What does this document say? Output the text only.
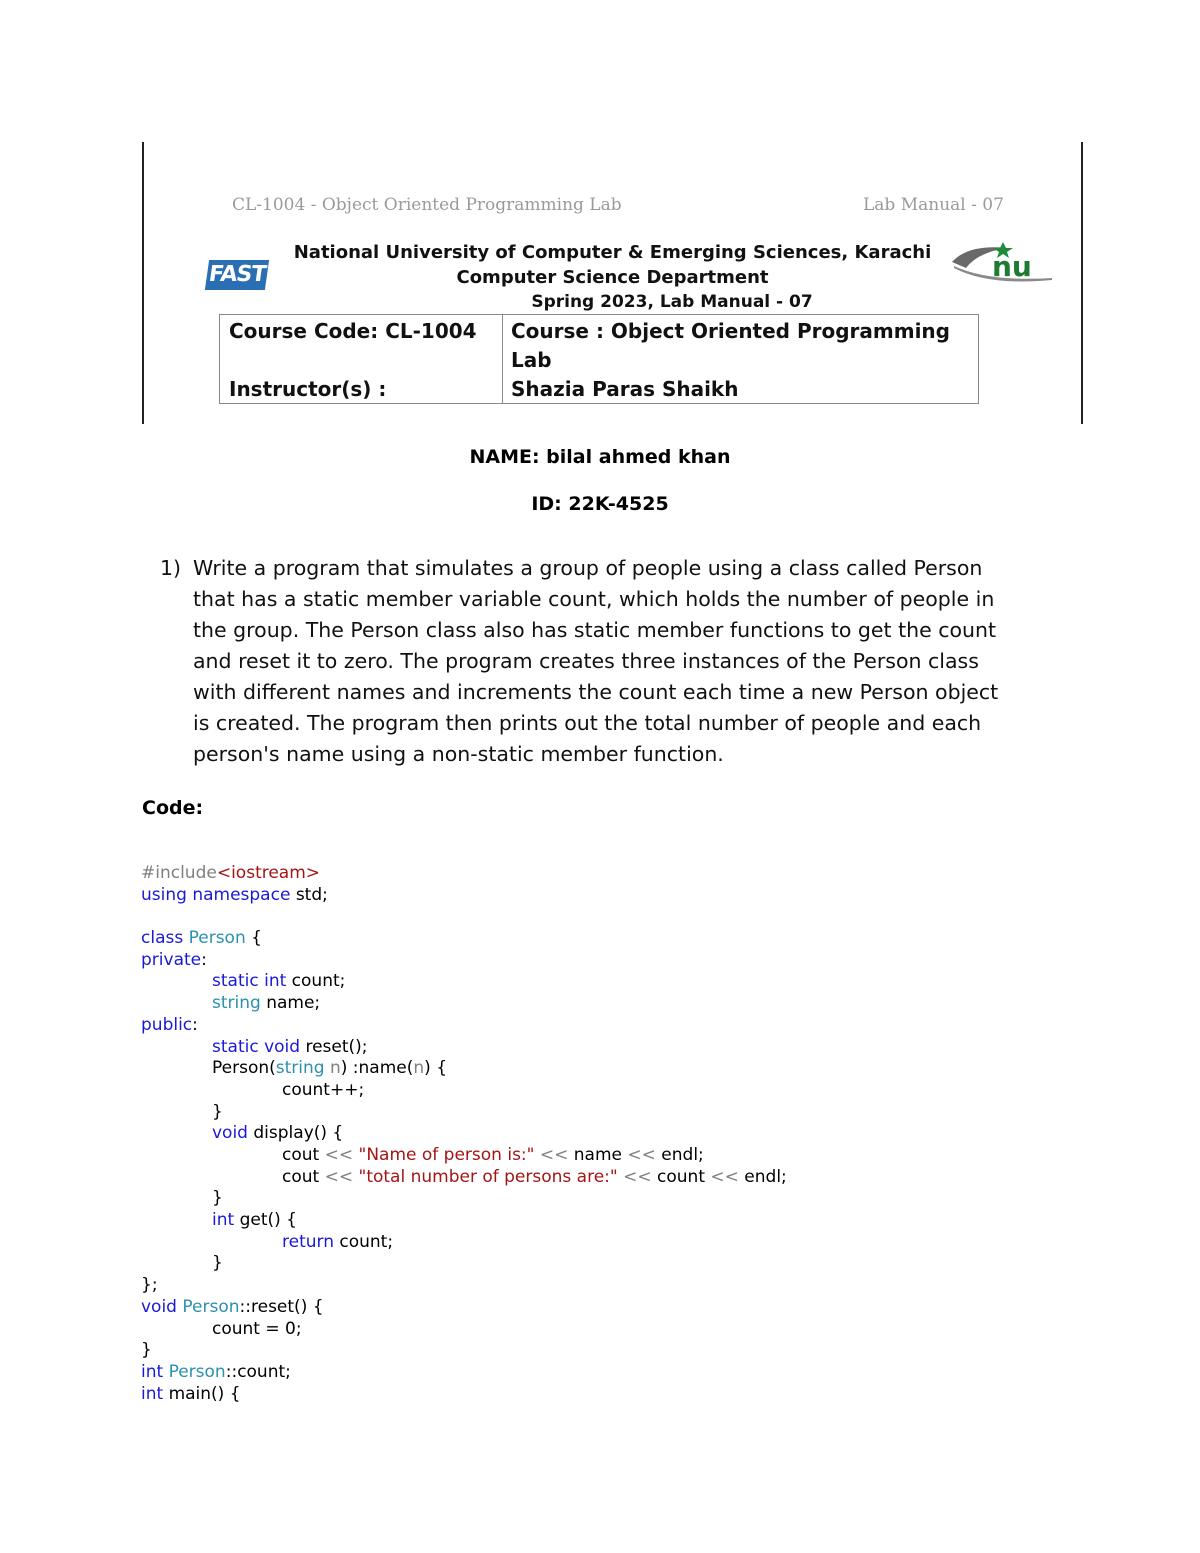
CL-1004 - Object Oriented Programming Lab	Lab Manual - 07
FAST	nu
National University of Computer & Emerging Sciences, Karachi
Computer Science Department
Spring 2023, Lab Manual - 07
Course Code: CL-1004
Instructor(s) :
Course : Object Oriented Programming
Lab
Shazia Paras Shaikh
NAME: bilal ahmed khan
ID: 22K-4525
1) Write a program that simulates a group of people using a class called Person
that has a static member variable count, which holds the number of people in
the group. The Person class also has static member functions to get the count
and reset it to zero. The program creates three instances of the Person class
with different names and increments the count each time a new Person object
is created. The program then prints out the total number of people and each
person's name using a non-static member function.
Code:
#include<iostream>
using namespace std;
class Person {
private:
static int count;
string name;
public:
static void reset();
Person(string n) :name(n) {
count++;
}
void display() {
cout << "Name of person is:" << name << endl;
cout << "total number of persons are:" << count << endl;
}
int get() {
return count;
}
};
void Person::reset() {
count = 0;
}
int Person::count;
int main() {
